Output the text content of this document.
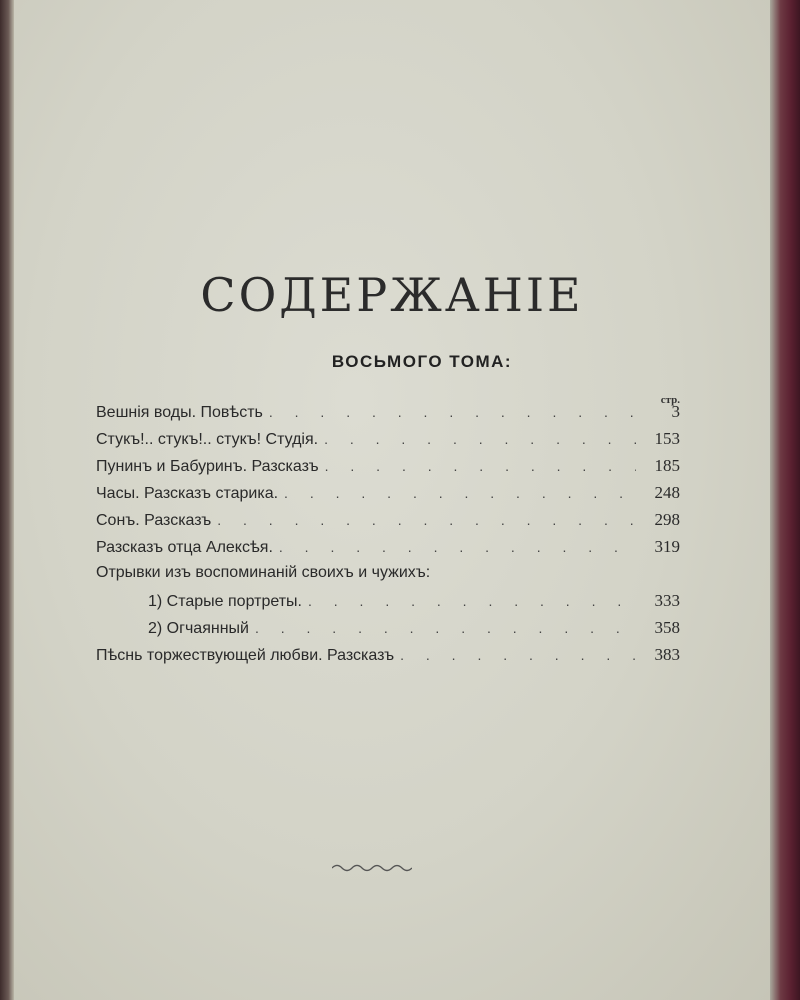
СОДЕРЖАНІЕ
ВОСЬМОГО ТОМА:
стр.
Вешнія воды. Повѣсть . . .	3
Стукъ!.. стукъ!.. стукъ! Студія. . . .	153
Пунинъ и Бабуринъ. Разсказъ . . .	185
Часы. Разсказъ старика. . . .	248
Сонъ. Разсказъ . . .	298
Разсказъ отца Алексѣя. . . .	319
Отрывки изъ воспоминаній своихъ и чужихъ:
1) Старые портреты. . . .	333
2) Огчаянный . . .	358
Пѣснь торжествующей любви. Разсказъ . . .	383
